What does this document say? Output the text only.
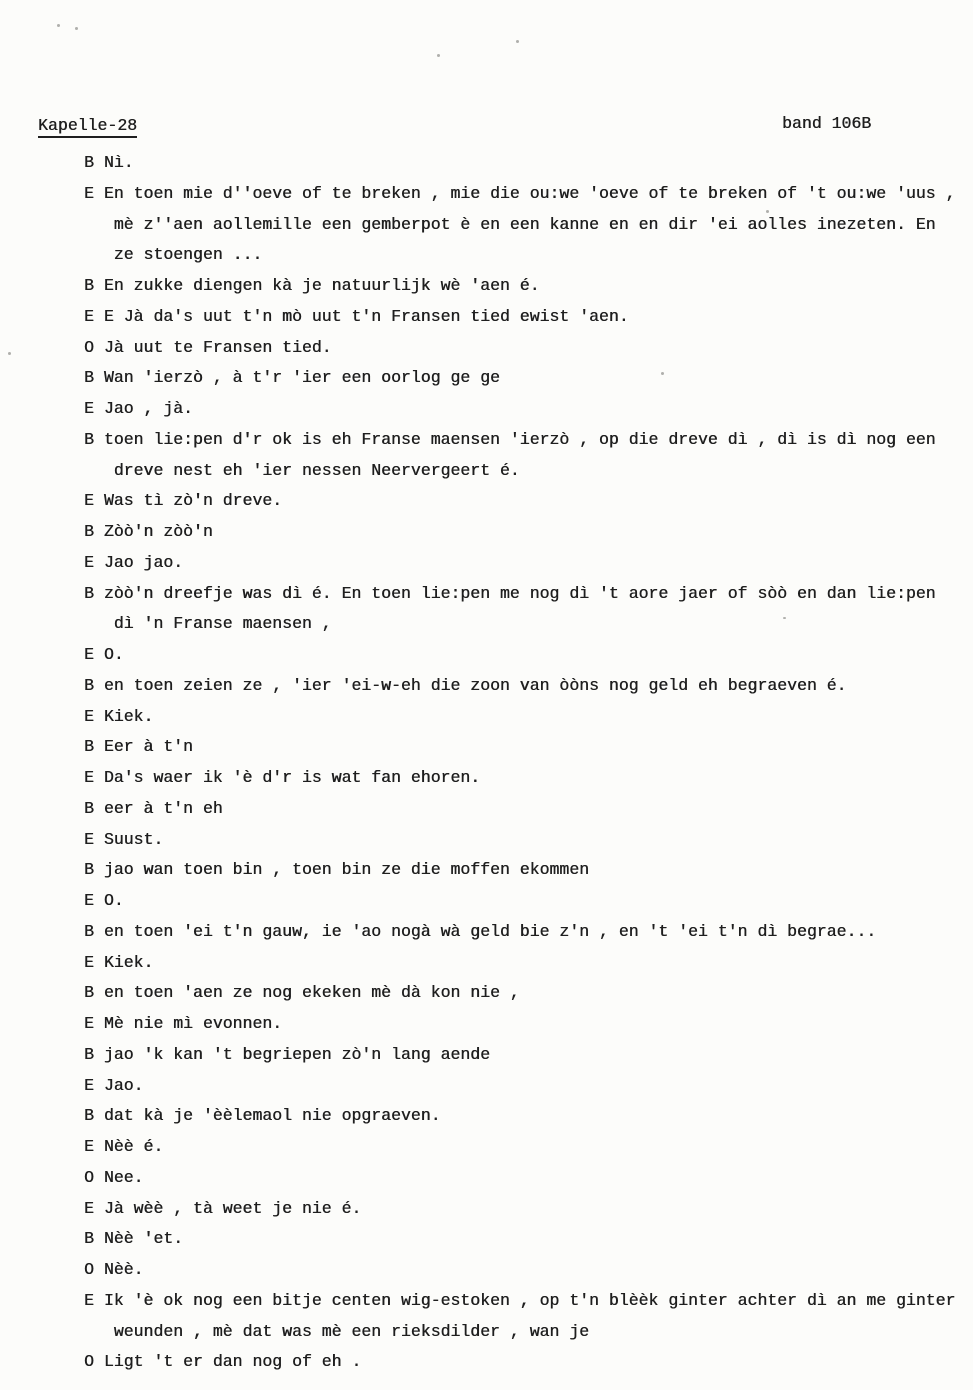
Kapelle-28	band 106B
B Nì.
E En toen mie d''oeve of te breken , mie die ou:we 'oeve of te breken of 't ou:we 'uus ,
mè z''aen aollemille een gemberpot è en een kanne en en dir 'ei aolles inezeten. En
ze stoengen ...
B En zukke diengen kà je natuurlijk wè 'aen é.
E E Jà da's uut t'n mò uut t'n Fransen tied ewist 'aen.
O Jà uut te Fransen tied.
B Wan 'ierzò , à t'r 'ier een oorlog ge ge
E Jao , jà.
B toen lie:pen d'r ok is eh Franse maensen 'ierzò , op die dreve dì , dì is dì nog een
dreve nest eh 'ier nessen Neervergeert é.
E Was tì zò'n dreve.
B Zòò'n zòò'n
E Jao jao.
B zòò'n dreefje was dì é. En toen lie:pen me nog dì 't aore jaer of sòò en dan lie:pen
dì 'n Franse maensen ,
E O.
B en toen zeien ze , 'ier 'ei-w-eh die zoon van òòns nog geld eh begraeven é.
E Kiek.
B Eer à t'n
E Da's waer ik 'è d'r is wat fan ehoren.
B eer à t'n eh
E Suust.
B jao wan toen bin , toen bin ze die moffen ekommen
E O.
B en toen 'ei t'n gauw, ie 'ao nogà wà geld bie z'n , en 't 'ei t'n dì begrae...
E Kiek.
B en toen 'aen ze nog ekeken mè dà kon nie ,
E Mè nie mì evonnen.
B jao 'k kan 't begriepen zò'n lang aende
E Jao.
B dat kà je 'èèlemaol nie opgraeven.
E Nèè é.
O Nee.
E Jà wèè , tà weet je nie é.
B Nèè 'et.
O Nèè.
E Ik 'è ok nog een bitje centen wig-estoken , op t'n blèèk ginter achter dì an me ginter
weunden , mè dat was mè een rieksdilder , wan je
O Ligt 't er dan nog of eh .
